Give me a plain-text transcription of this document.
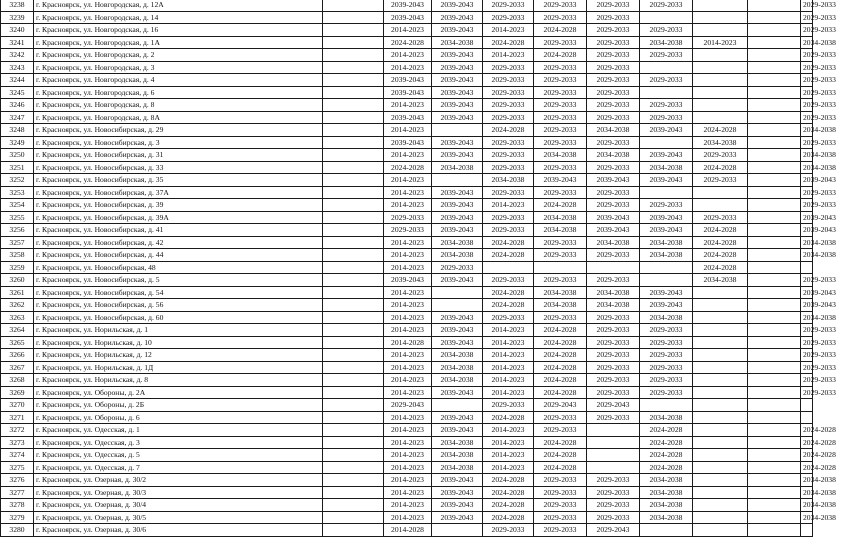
3238	г. Красноярск, ул. Новгородская, д. 12А		2039-2043	2039-2043	2029-2033	2029-2033	2029-2033	2029-2033			2029-2033
3239	г. Красноярск, ул. Новгородская, д. 14		2039-2043	2039-2043	2029-2033	2029-2033	2029-2033				2029-2033
3240	г. Красноярск, ул. Новгородская, д. 16		2014-2023	2039-2043	2014-2023	2024-2028	2029-2033	2029-2033			2029-2033
3241	г. Красноярск, ул. Новгородская, д. 1А		2024-2028	2034-2038	2024-2028	2029-2033	2029-2033	2034-2038	2014-2023		2034-2038
3242	г. Красноярск, ул. Новгородская, д. 2		2014-2023	2039-2043	2014-2023	2024-2028	2029-2033	2029-2033			2029-2033
3243	г. Красноярск, ул. Новгородская, д. 3		2014-2023	2039-2043	2029-2033	2029-2033	2029-2033				2029-2033
3244	г. Красноярск, ул. Новгородская, д. 4		2039-2043	2039-2043	2029-2033	2029-2033	2029-2033	2029-2033			2029-2033
3245	г. Красноярск, ул. Новгородская, д. 6		2039-2043	2039-2043	2029-2033	2029-2033	2029-2033				2029-2033
3246	г. Красноярск, ул. Новгородская, д. 8		2014-2023	2039-2043	2029-2033	2029-2033	2029-2033	2029-2033			2029-2033
3247	г. Красноярск, ул. Новгородская, д. 8А		2039-2043	2039-2043	2029-2033	2029-2033	2029-2033	2029-2033			2029-2033
3248	г. Красноярск, ул. Новосибирская, д. 29		2014-2023		2024-2028	2029-2033	2034-2038	2039-2043	2024-2028		2034-2038
3249	г. Красноярск, ул. Новосибирская, д. 3		2039-2043	2039-2043	2029-2033	2029-2033	2029-2033		2034-2038		2029-2033
3250	г. Красноярск, ул. Новосибирская, д. 31		2014-2023	2039-2043	2029-2033	2034-2038	2034-2038	2039-2043	2029-2033		2034-2038
3251	г. Красноярск, ул. Новосибирская, д. 33		2024-2028	2034-2038	2029-2033	2029-2033	2029-2033	2034-2038	2024-2028		2034-2038
3252	г. Красноярск, ул. Новосибирская, д. 35		2014-2023		2034-2038	2039-2043	2039-2043	2039-2043	2029-2033		2039-2043
3253	г. Красноярск, ул. Новосибирская, д. 37А		2014-2023	2039-2043	2029-2033	2029-2033	2029-2033				2029-2033
3254	г. Красноярск, ул. Новосибирская, д. 39		2014-2023	2039-2043	2014-2023	2024-2028	2029-2033	2029-2033			2029-2033
3255	г. Красноярск, ул. Новосибирская, д. 39А		2029-2033	2039-2043	2029-2033	2034-2038	2039-2043	2039-2043	2029-2033		2039-2043
3256	г. Красноярск, ул. Новосибирская, д. 41		2029-2033	2039-2043	2029-2033	2034-2038	2039-2043	2039-2043	2024-2028		2039-2043
3257	г. Красноярск, ул. Новосибирская, д. 42		2014-2023	2034-2038	2024-2028	2029-2033	2034-2038	2034-2038	2024-2028		2034-2038
3258	г. Красноярск, ул. Новосибирская, д. 44		2014-2023	2034-2038	2024-2028	2029-2033	2029-2033	2034-2038	2024-2028		2034-2038
3259	г. Красноярск, ул. Новосибирская, 48		2014-2023	2029-2033					2024-2028		
3260	г. Красноярск, ул. Новосибирская, д. 5		2039-2043	2039-2043	2029-2033	2029-2033	2029-2033		2034-2038		2029-2033
3261	г. Красноярск, ул. Новосибирская, д. 54		2014-2023		2024-2028	2034-2038	2034-2038	2039-2043			2039-2043
3262	г. Красноярск, ул. Новосибирская, д. 56		2014-2023		2024-2028	2034-2038	2034-2038	2039-2043			2039-2043
3263	г. Красноярск, ул. Новосибирская, д. 60		2014-2023	2039-2043	2029-2033	2029-2033	2029-2033	2034-2038			2034-2038
3264	г. Красноярск, ул. Норильская, д. 1		2014-2023	2039-2043	2014-2023	2024-2028	2029-2033	2029-2033			2029-2033
3265	г. Красноярск, ул. Норильская, д. 10		2014-2028	2039-2043	2014-2023	2024-2028	2029-2033	2029-2033			2029-2033
3266	г. Красноярск, ул. Норильская, д. 12		2014-2023	2034-2038	2014-2023	2024-2028	2029-2033	2029-2033			2029-2033
3267	г. Красноярск, ул. Норильская, д. 1Д		2014-2023	2034-2038	2014-2023	2024-2028	2029-2033	2029-2033			2029-2033
3268	г. Красноярск, ул. Норильская, д. 8		2014-2023	2034-2038	2014-2023	2024-2028	2029-2033	2029-2033			2029-2033
3269	г. Красноярск, ул. Обороны, д. 2А		2014-2023	2039-2043	2014-2023	2024-2028	2029-2033	2029-2033			2029-2033
3270	г. Красноярск, ул. Обороны, д. 2Б		2029-2043		2029-2033	2029-2043	2029-2043				
3271	г. Красноярск, ул. Обороны, д. 6		2014-2023	2039-2043	2024-2028	2029-2033	2029-2033	2034-2038			
3272	г. Красноярск, ул. Одесская, д. 1		2014-2023	2039-2043	2014-2023	2029-2033		2024-2028			2024-2028
3273	г. Красноярск, ул. Одесская, д. 3		2014-2023	2034-2038	2014-2023	2024-2028		2024-2028			2024-2028
3274	г. Красноярск, ул. Одесская, д. 5		2014-2023	2034-2038	2014-2023	2024-2028		2024-2028			2024-2028
3275	г. Красноярск, ул. Одесская, д. 7		2014-2023	2034-2038	2014-2023	2024-2028		2024-2028			2024-2028
3276	г. Красноярск, ул. Озерная, д. 30/2		2014-2023	2039-2043	2024-2028	2029-2033	2029-2033	2034-2038			2034-2038
3277	г. Красноярск, ул. Озерная, д. 30/3		2014-2023	2039-2043	2024-2028	2029-2033	2029-2033	2034-2038			2034-2038
3278	г. Красноярск, ул. Озерная, д. 30/4		2014-2023	2039-2043	2024-2028	2029-2033	2029-2033	2034-2038			2034-2038
3279	г. Красноярск, ул. Озерная, д. 30/5		2014-2023	2039-2043	2024-2028	2029-2033	2029-2033	2034-2038			2034-2038
3280	г. Красноярск, ул. Озерная, д. 30/6		2014-2028		2029-2033	2029-2033	2029-2043				
